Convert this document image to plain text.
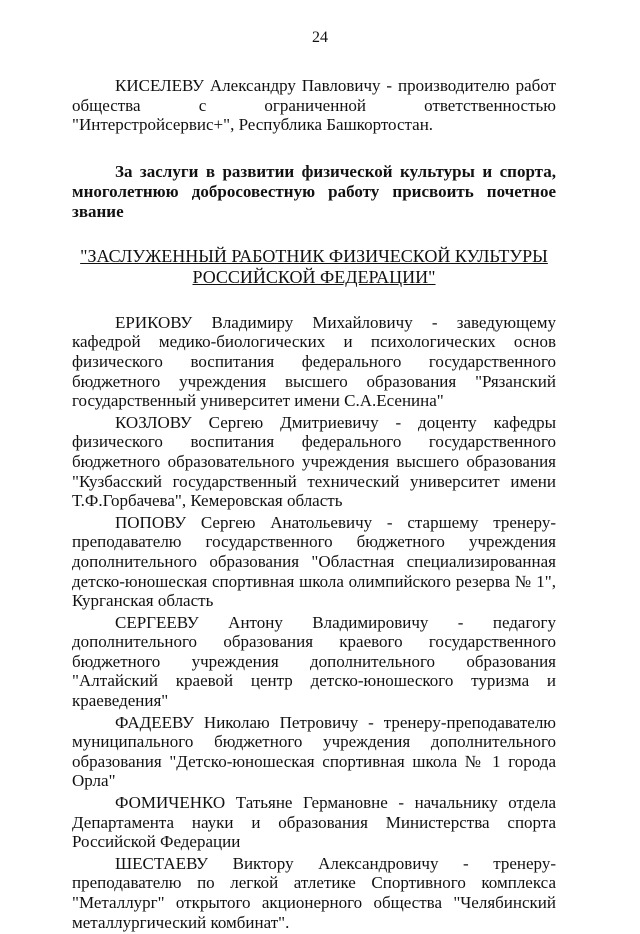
24

КИСЕЛЕВУ Александру Павловичу - производителю работ общества с ограниченной ответственностью "Интерстройсервис+", Республика Башкортостан.

За заслуги в развитии физической культуры и спорта, многолетнюю добросовестную работу присвоить почетное звание

"ЗАСЛУЖЕННЫЙ РАБОТНИК ФИЗИЧЕСКОЙ КУЛЬТУРЫ
РОССИЙСКОЙ ФЕДЕРАЦИИ"

ЕРИКОВУ Владимиру Михайловичу - заведующему кафедрой медико-биологических и психологических основ физического воспитания федерального государственного бюджетного учреждения высшего образования "Рязанский государственный университет имени С.А.Есенина"

КОЗЛОВУ Сергею Дмитриевичу - доценту кафедры физического воспитания федерального государственного бюджетного образовательного учреждения высшего образования "Кузбасский государственный технический университет имени Т.Ф.Горбачева", Кемеровская область

ПОПОВУ Сергею Анатольевичу - старшему тренеру-преподавателю государственного бюджетного учреждения дополнительного образования "Областная специализированная детско-юношеская спортивная школа олимпийского резерва № 1", Курганская область

СЕРГЕЕВУ Антону Владимировичу - педагогу дополнительного образования краевого государственного бюджетного учреждения дополнительного образования "Алтайский краевой центр детско-юношеского туризма и краеведения"

ФАДЕЕВУ Николаю Петровичу - тренеру-преподавателю муниципального бюджетного учреждения дополнительного образования "Детско-юношеская спортивная школа № 1 города Орла"

ФОМИЧЕНКО Татьяне Германовне - начальнику отдела Департамента науки и образования Министерства спорта Российской Федерации

ШЕСТАЕВУ Виктору Александровичу - тренеру-преподавателю по легкой атлетике Спортивного комплекса "Металлург" открытого акционерного общества "Челябинский металлургический комбинат".
